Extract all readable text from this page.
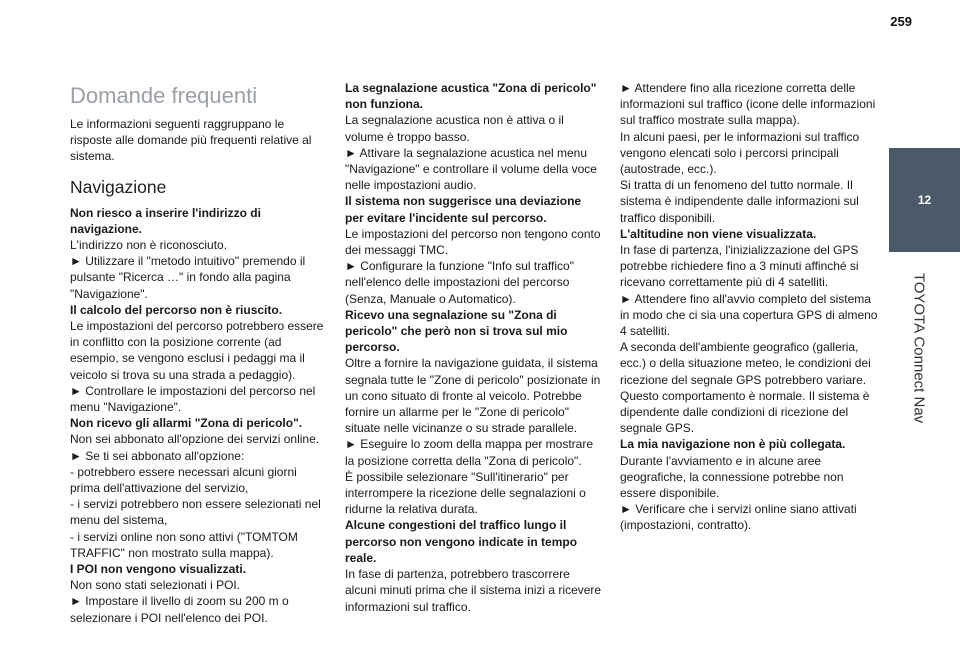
259
12
TOYOTA Connect Nav
Domande frequenti

Le informazioni seguenti raggruppano le risposte alle domande più frequenti relative al sistema.

Navigazione
Non riesco a inserire l'indirizzo di navigazione.
L'indirizzo non è riconosciuto.
► Utilizzare il "metodo intuitivo" premendo il pulsante "Ricerca …" in fondo alla pagina "Navigazione".
Il calcolo del percorso non è riuscito.
Le impostazioni del percorso potrebbero essere in conflitto con la posizione corrente (ad esempio, se vengono esclusi i pedaggi ma il veicolo si trova su una strada a pedaggio).
► Controllare le impostazioni del percorso nel menu "Navigazione".
Non ricevo gli allarmi "Zona di pericolo".
Non sei abbonato all'opzione dei servizi online.
► Se ti sei abbonato all'opzione:
- potrebbero essere necessari alcuni giorni prima dell'attivazione del servizio,
- i servizi potrebbero non essere selezionati nel menu del sistema,
- i servizi online non sono attivi ("TOMTOM TRAFFIC" non mostrato sulla mappa).
I POI non vengono visualizzati.
Non sono stati selezionati i POI.
► Impostare il livello di zoom su 200 m o selezionare i POI nell'elenco dei POI.
La segnalazione acustica "Zona di pericolo" non funziona.
La segnalazione acustica non è attiva o il volume è troppo basso.
► Attivare la segnalazione acustica nel menu "Navigazione" e controllare il volume della voce nelle impostazioni audio.
Il sistema non suggerisce una deviazione per evitare l'incidente sul percorso.
Le impostazioni del percorso non tengono conto dei messaggi TMC.
► Configurare la funzione "Info sul traffico" nell'elenco delle impostazioni del percorso (Senza, Manuale o Automatico).
Ricevo una segnalazione su "Zona di pericolo" che però non si trova sul mio percorso.
Oltre a fornire la navigazione guidata, il sistema segnala tutte le "Zone di pericolo" posizionate in un cono situato di fronte al veicolo. Potrebbe fornire un allarme per le "Zone di pericolo" situate nelle vicinanze o su strade parallele.
► Eseguire lo zoom della mappa per mostrare la posizione corretta della "Zona di pericolo".
È possibile selezionare "Sull'itinerario" per interrompere la ricezione delle segnalazioni o ridurne la relativa durata.
Alcune congestioni del traffico lungo il percorso non vengono indicate in tempo reale.
In fase di partenza, potrebbero trascorrere alcuni minuti prima che il sistema inizi a ricevere informazioni sul traffico.
► Attendere fino alla ricezione corretta delle informazioni sul traffico (icone delle informazioni sul traffico mostrate sulla mappa).
In alcuni paesi, per le informazioni sul traffico vengono elencati solo i percorsi principali (autostrade, ecc.).
Si tratta di un fenomeno del tutto normale. Il sistema è indipendente dalle informazioni sul traffico disponibili.
L'altitudine non viene visualizzata.
In fase di partenza, l'inizializzazione del GPS potrebbe richiedere fino a 3 minuti affinché si ricevano correttamente più di 4 satelliti.
► Attendere fino all'avvio completo del sistema in modo che ci sia una copertura GPS di almeno 4 satelliti.
A seconda dell'ambiente geografico (galleria, ecc.) o della situazione meteo, le condizioni dei ricezione del segnale GPS potrebbero variare.
Questo comportamento è normale. Il sistema è dipendente dalle condizioni di ricezione del segnale GPS.
La mia navigazione non è più collegata.
Durante l'avviamento e in alcune aree geografiche, la connessione potrebbe non essere disponibile.
► Verificare che i servizi online siano attivati (impostazioni, contratto).
